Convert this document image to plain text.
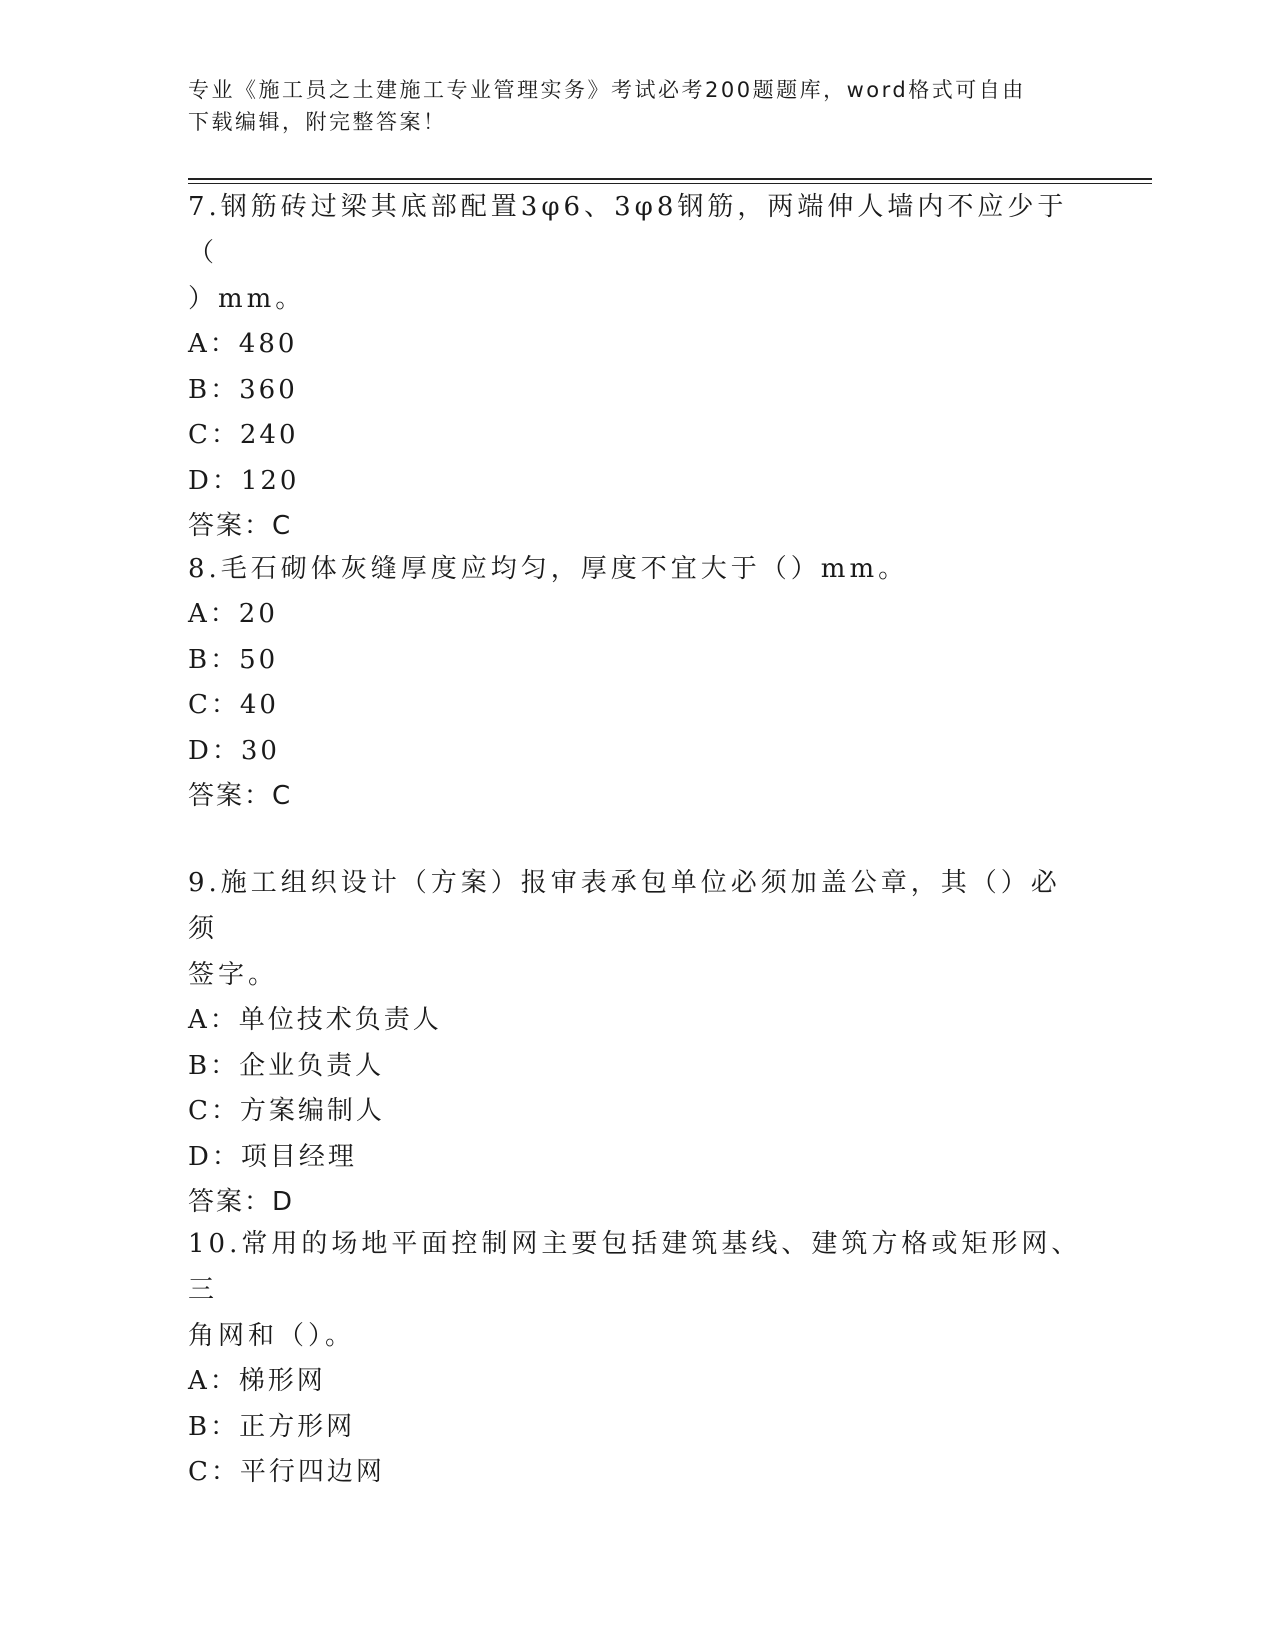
专业《施工员之土建施工专业管理实务》考试必考200题题库，word格式可自由
下载编辑，附完整答案！

7.钢筋砖过梁其底部配置3φ6、3φ8钢筋，两端伸人墙内不应少于（

）mm。

A：480

B：360

C：240

D：120

答案：C

8.毛石砌体灰缝厚度应均匀，厚度不宜大于（）mm。

A：20

B：50

C：40

D：30

答案：C

9.施工组织设计（方案）报审表承包单位必须加盖公章，其（）必须

签字。

A：单位技术负责人

B：企业负责人

C：方案编制人

D：项目经理

答案：D

10.常用的场地平面控制网主要包括建筑基线、建筑方格或矩形网、三

角网和（）。

A：梯形网

B：正方形网

C：平行四边网
